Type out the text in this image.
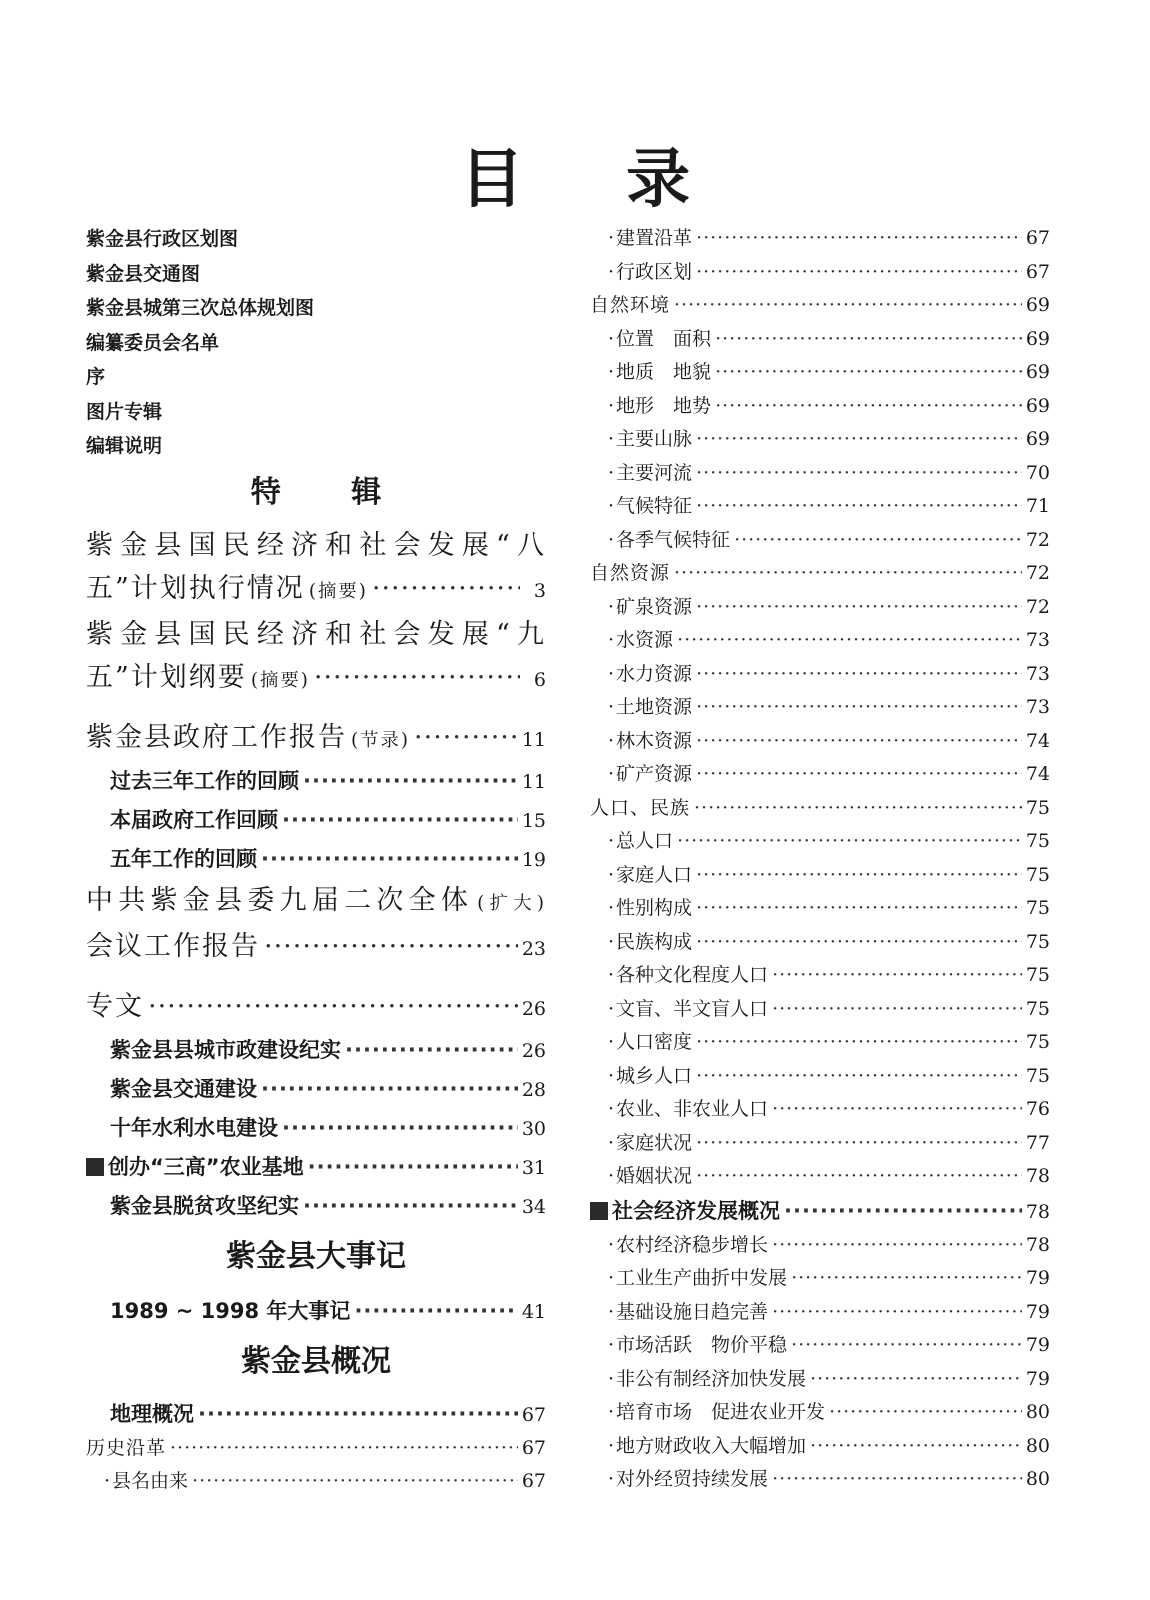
目 录
紫金县行政区划图
紫金县交通图
紫金县城第三次总体规划图
编纂委员会名单
序
图片专辑
编辑说明
特 辑
紫金县国民经济和社会发展“八
五”计划执行情况 (摘要) ·····	3
紫金县国民经济和社会发展“九
五”计划纲要 (摘要) ·····	6
紫金县政府工作报告 (节录) ·····	11
过去三年工作的回顾 ·····	11
本届政府工作回顾 ·····	15
五年工作的回顾 ·····	19
中共紫金县委九届二次全体 (扩大)
会议工作报告 ·····	23
专文 ·····	26
紫金县县城市政建设纪实 ·····	26
紫金县交通建设 ·····	28
十年水利水电建设 ·····	30
创办“三高”农业基地 ·····	31
紫金县脱贫攻坚纪实 ·····	34
紫金县大事记
1989 ~ 1998 年大事记 ·····	41
紫金县概况
地理概况 ·····	67
历史沿革 ·····	67
· 县名由来 ·····	67
· 建置沿革 ·····	67
· 行政区划 ·····	67
自然环境 ·····	69
· 位置　面积 ·····	69
· 地质　地貌 ·····	69
· 地形　地势 ·····	69
· 主要山脉 ·····	69
· 主要河流 ·····	70
· 气候特征 ·····	71
· 各季气候特征 ·····	72
自然资源 ·····	72
· 矿泉资源 ·····	72
· 水资源 ·····	73
· 水力资源 ·····	73
· 土地资源 ·····	73
· 林木资源 ·····	74
· 矿产资源 ·····	74
人口、民族 ·····	75
· 总人口 ·····	75
· 家庭人口 ·····	75
· 性别构成 ·····	75
· 民族构成 ·····	75
· 各种文化程度人口 ·····	75
· 文盲、半文盲人口 ·····	75
· 人口密度 ·····	75
· 城乡人口 ·····	75
· 农业、非农业人口 ·····	76
· 家庭状况 ·····	77
· 婚姻状况 ·····	78
社会经济发展概况 ·····	78
· 农村经济稳步增长 ·····	78
· 工业生产曲折中发展 ·····	79
· 基础设施日趋完善 ·····	79
· 市场活跃　物价平稳 ·····	79
· 非公有制经济加快发展 ·····	79
· 培育市场　促进农业开发 ·····	80
· 地方财政收入大幅增加 ·····	80
· 对外经贸持续发展 ·····	80
